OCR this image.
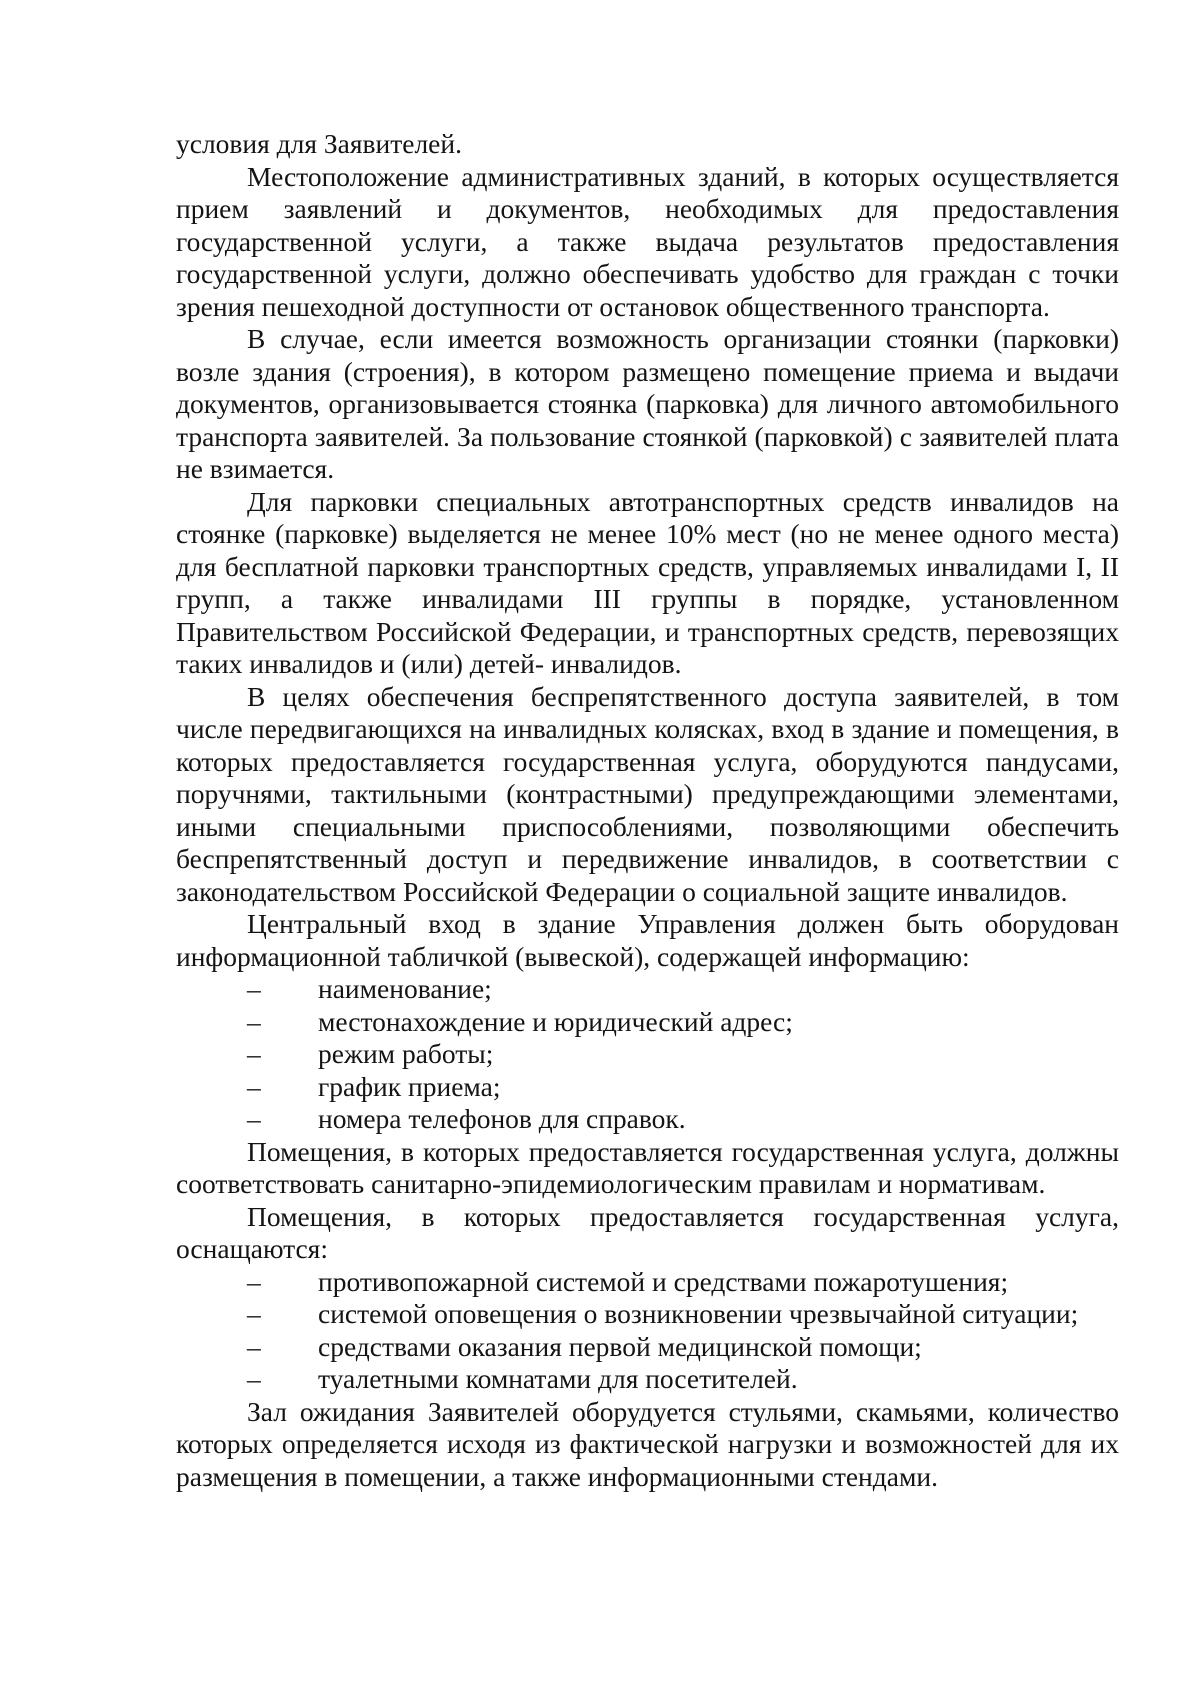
условия для Заявителей.

Местоположение административных зданий, в которых осуществляется прием заявлений и документов, необходимых для предоставления государственной услуги, а также выдача результатов предоставления государственной услуги, должно обеспечивать удобство для граждан с точки зрения пешеходной доступности от остановок общественного транспорта.

В случае, если имеется возможность организации стоянки (парковки) возле здания (строения), в котором размещено помещение приема и выдачи документов, организовывается стоянка (парковка) для личного автомобильного транспорта заявителей. За пользование стоянкой (парковкой) с заявителей плата не взимается.

Для парковки специальных автотранспортных средств инвалидов на стоянке (парковке) выделяется не менее 10% мест (но не менее одного места) для бесплатной парковки транспортных средств, управляемых инвалидами I, II групп, а также инвалидами III группы в порядке, установленном Правительством Российской Федерации, и транспортных средств, перевозящих таких инвалидов и (или) детей- инвалидов.

В целях обеспечения беспрепятственного доступа заявителей, в том числе передвигающихся на инвалидных колясках, вход в здание и помещения, в которых предоставляется государственная услуга, оборудуются пандусами, поручнями, тактильными (контрастными) предупреждающими элементами, иными специальными приспособлениями, позволяющими обеспечить беспрепятственный доступ и передвижение инвалидов, в соответствии с законодательством Российской Федерации о социальной защите инвалидов.

Центральный вход в здание Управления должен быть оборудован информационной табличкой (вывеской), содержащей информацию:

– наименование;
– местонахождение и юридический адрес;
– режим работы;
– график приема;
– номера телефонов для справок.

Помещения, в которых предоставляется государственная услуга, должны соответствовать санитарно-эпидемиологическим правилам и нормативам.

Помещения, в которых предоставляется государственная услуга, оснащаются:

– противопожарной системой и средствами пожаротушения;
– системой оповещения о возникновении чрезвычайной ситуации;
– средствами оказания первой медицинской помощи;
– туалетными комнатами для посетителей.

Зал ожидания Заявителей оборудуется стульями, скамьями, количество которых определяется исходя из фактической нагрузки и возможностей для их размещения в помещении, а также информационными стендами.
